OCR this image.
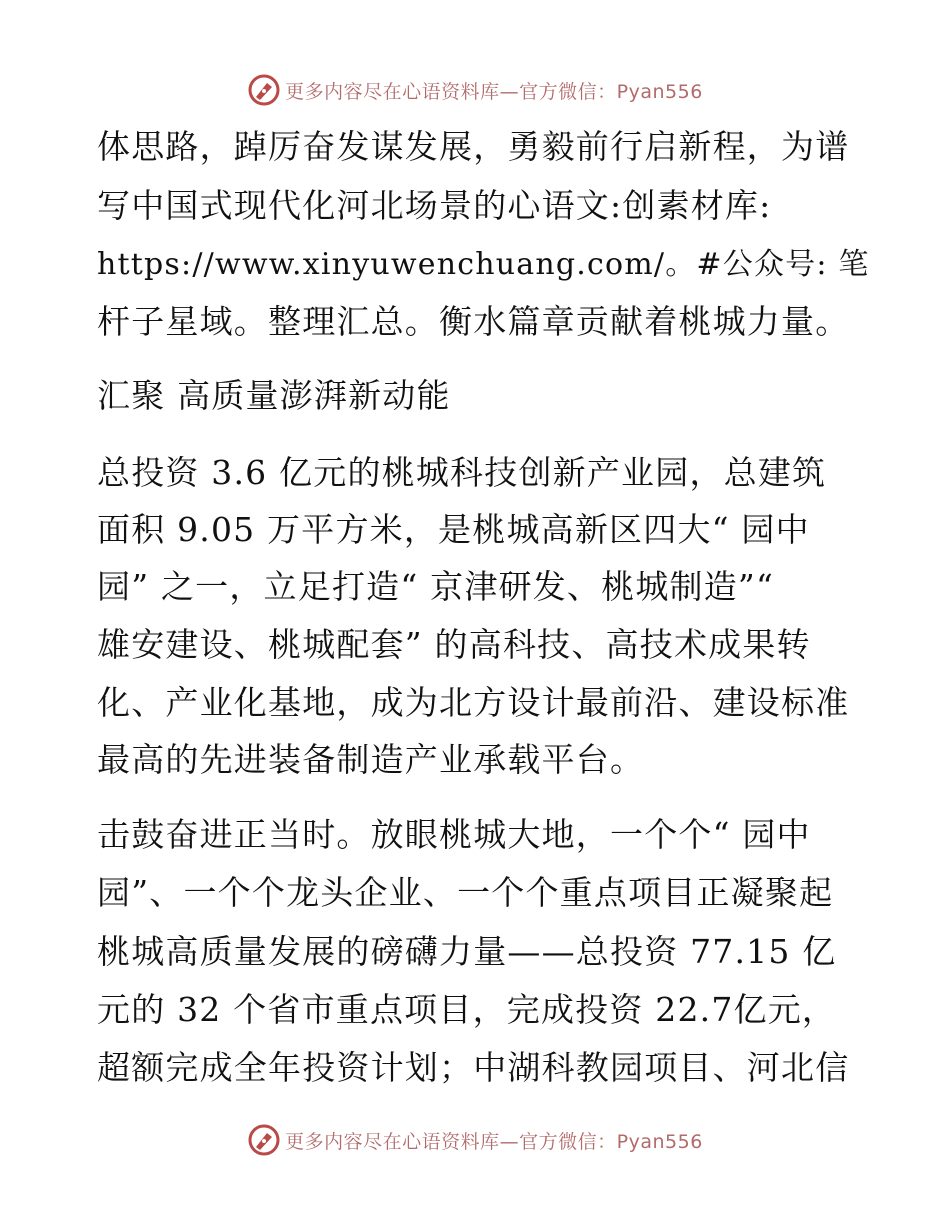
更多内容尽在心语资料库—官方微信：Pyan556
体思路，踔厉奋发谋发展，勇毅前行启新程，为谱
写中国式现代化河北场景的心语文:创素材库:
https://www.xinyuwenchuang.com/。#公众号: 笔
杆子星域。整理汇总。衡水篇章贡献着桃城力量。
汇聚 高质量澎湃新动能
总投资 3.6 亿元的桃城科技创新产业园，总建筑
面积 9.05 万平方米，是桃城高新区四大“ 园中
园” 之一，立足打造“ 京津研发、桃城制造”“
雄安建设、桃城配套” 的高科技、高技术成果转
化、产业化基地，成为北方设计最前沿、建设标准
最高的先进装备制造产业承载平台。
击鼓奋进正当时。放眼桃城大地，一个个“ 园中
园”、一个个龙头企业、一个个重点项目正凝聚起
桃城高质量发展的磅礴力量——总投资 77.15 亿
元的 32 个省市重点项目，完成投资 22.7亿元，
超额完成全年投资计划；中湖科教园项目、河北信
更多内容尽在心语资料库—官方微信：Pyan556
